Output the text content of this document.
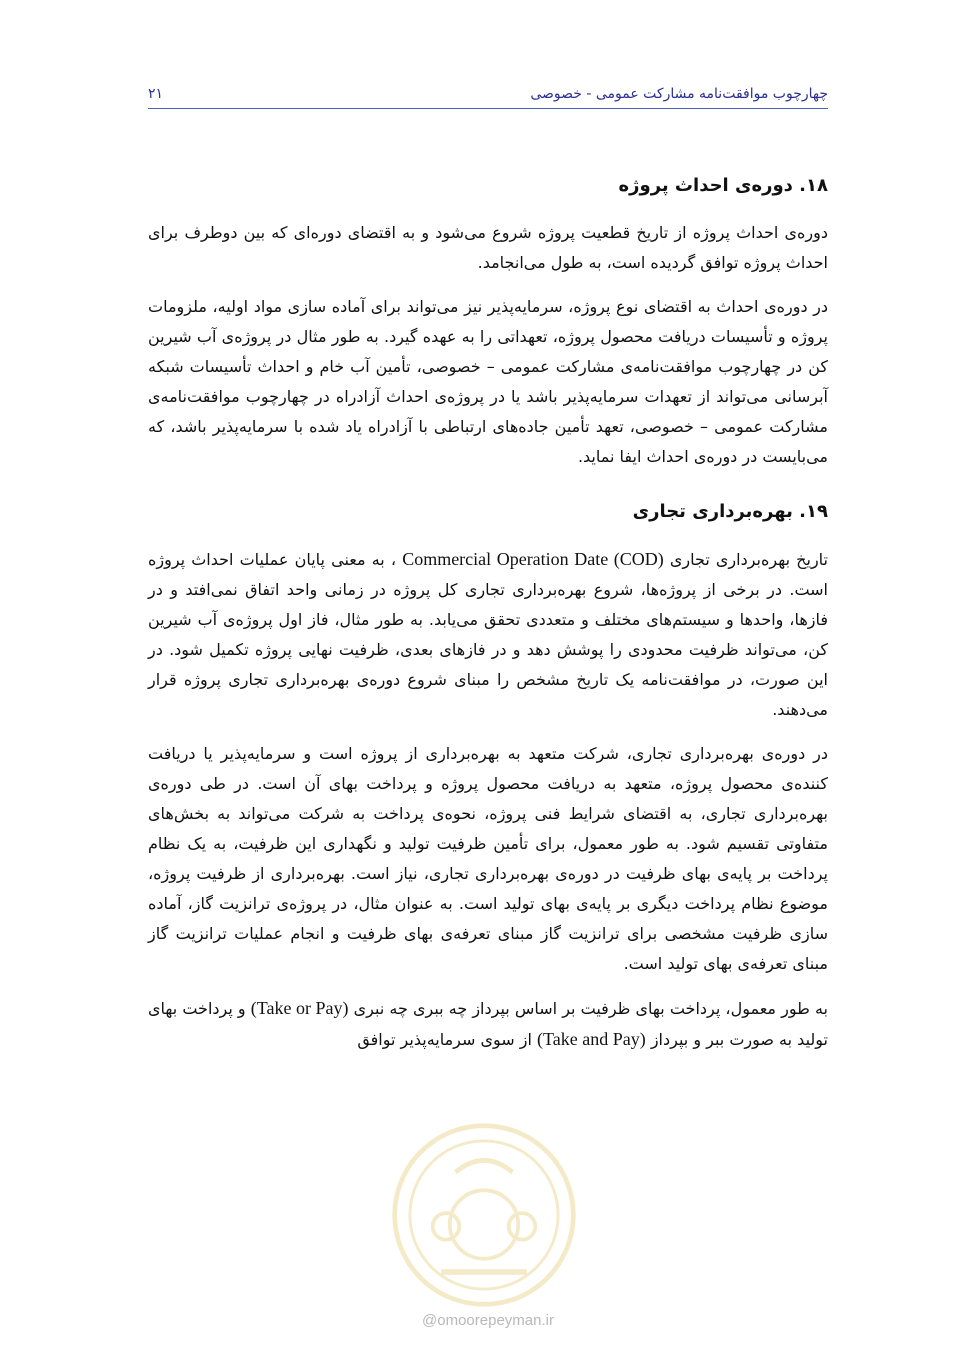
چهارچوب موافقت‌نامه مشارکت عمومی - خصوصی
۲۱
۱۸. دوره‌ی احداث پروژه

دوره‌ی احداث پروژه از تاریخ قطعیت پروژه شروع می‌شود و به اقتضای دوره‌ای که بین دوطرف برای احداث پروژه توافق گردیده است، به طول می‌انجامد.

در دوره‌ی احداث به اقتضای نوع پروژه، سرمایه‌پذیر نیز می‌تواند برای آماده سازی مواد اولیه، ملزومات پروژه و تأسیسات دریافت محصول پروژه، تعهداتی را به عهده گیرد. به طور مثال در پروژه‌ی آب شیرین کن در چهارچوب موافقت‌نامه‌ی مشارکت عمومی – خصوصی، تأمین آب خام و احداث تأسیسات شبکه آبرسانی می‌تواند از تعهدات سرمایه‌پذیر باشد یا در پروژه‌ی احداث آزادراه در چهارچوب موافقت‌نامه‌ی مشارکت عمومی – خصوصی، تعهد تأمین جاده‌های ارتباطی با آزادراه یاد شده با سرمایه‌پذیر باشد، که می‌بایست در دوره‌ی احداث ایفا نماید.

۱۹. بهره‌برداری تجاری

تاریخ بهره‌برداری تجاری Commercial Operation Date (COD) ، به معنی پایان عملیات احداث پروژه است. در برخی از پروژه‌ها، شروع بهره‌برداری تجاری کل پروژه در زمانی واحد اتفاق نمی‌افتد و در فازها، واحدها و سیستم‌های مختلف و متعددی تحقق می‌یابد. به طور مثال، فاز اول پروژه‌ی آب شیرین کن، می‌تواند ظرفیت محدودی را پوشش دهد و در فازهای بعدی، ظرفیت نهایی پروژه تکمیل شود. در این صورت، در موافقت‌نامه یک تاریخ مشخص را مبنای شروع دوره‌ی بهره‌برداری تجاری پروژه قرار می‌دهند.

در دوره‌ی بهره‌برداری تجاری، شرکت متعهد به بهره‌برداری از پروژه است و سرمایه‌پذیر یا دریافت کننده‌ی محصول پروژه، متعهد به دریافت محصول پروژه و پرداخت بهای آن است. در طی دوره‌ی بهره‌برداری تجاری، به اقتضای شرایط فنی پروژه، نحوه‌ی پرداخت به شرکت می‌تواند به بخش‌های متفاوتی تقسیم شود. به طور معمول، برای تأمین ظرفیت تولید و نگهداری این ظرفیت، به یک نظام پرداخت بر پایه‌ی بهای ظرفیت در دوره‌ی بهره‌برداری تجاری، نیاز است. بهره‌برداری از ظرفیت پروژه، موضوع نظام پرداخت دیگری بر پایه‌ی بهای تولید است. به عنوان مثال، در پروژه‌ی ترانزیت گاز، آماده سازی ظرفیت مشخصی برای ترانزیت گاز مبنای تعرفه‌ی بهای ظرفیت و انجام عملیات ترانزیت گاز مبنای تعرفه‌ی بهای تولید است.

به طور معمول، پرداخت بهای ظرفیت بر اساس بپرداز چه ببری چه نبری (Take or Pay) و پرداخت بهای تولید به صورت ببر و بپرداز (Take and Pay) از سوی سرمایه‌پذیر توافق

@omoorepeyman.ir
